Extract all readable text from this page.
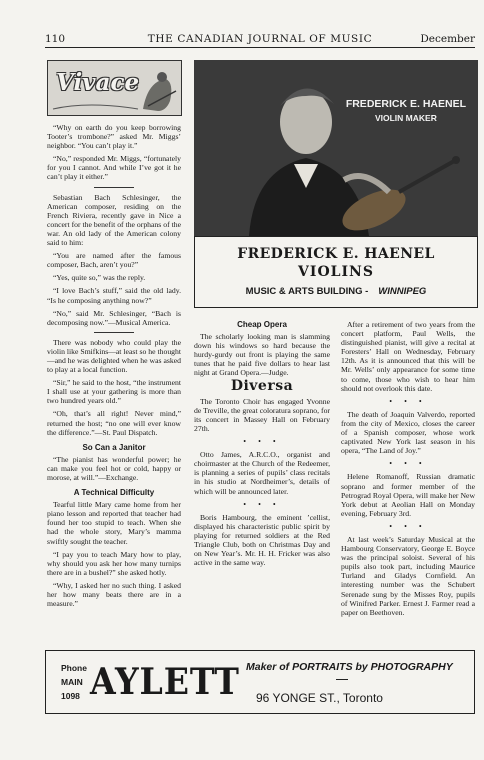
110	THE CANADIAN JOURNAL OF MUSIC	December
Vivace

“Why on earth do you keep borrowing Tooter’s trombone?” asked Mr. Miggs’ neighbor. “You can’t play it.”

“No,” responded Mr. Miggs, “fortunately for you I cannot. And while I’ve got it he can’t play it either.”

Sebastian Bach Schlesinger, the American composer, residing on the French Riviera, recently gave in Nice a concert for the benefit of the orphans of the war. An old lady of the American colony said to him:

“You are named after the famous composer, Bach, aren’t you?”

“Yes, quite so,” was the reply.

“I love Bach’s stuff,” said the old lady. “Is he composing anything now?”

“No,” said Mr. Schlesinger, “Bach is decomposing now.”—Musical America.

There was nobody who could play the violin like Smifkins—at least so he thought—and he was delighted when he was asked to play at a local function.

“Sir,” he said to the host, “the instrument I shall use at your gathering is more than two hundred years old.”

“Oh, that’s all right! Never mind,” returned the host; “no one will ever know the difference.”—St. Paul Dispatch.

So Can a Janitor

“The pianist has wonderful power; he can make you feel hot or cold, happy or morose, at will.”—Exchange.

A Technical Difficulty

Tearful little Mary came home from her piano lesson and reported that teacher had found her too stupid to teach. When she had the whole story, Mary’s mamma swiftly sought the teacher.

“I pay you to teach Mary how to play, why should you ask her how many turnips there are in a bushel?” she asked hotly.

“Why, I asked her no such thing. I asked her how many beats there are in a measure.”

FREDERICK E. HAENEL
VIOLIN MAKER
FREDERICK E. HAENEL
VIOLINS
MUSIC & ARTS BUILDING - WINNIPEG
Cheap Opera

The scholarly looking man is slamming down his windows so hard because the hurdy-gurdy out front is playing the same tunes that he paid five dollars to hear last night at Grand Opera.—Judge.

Diversa

The Toronto Choir has engaged Yvonne de Treville, the great coloratura soprano, for its concert in Massey Hall on February 27th.

• • •

Otto James, A.R.C.O., organist and choirmaster at the Church of the Redeemer, is planning a series of pupils’ class recitals in his studio at Nordheimer’s, details of which will be announced later.

• • •

Boris Hambourg, the eminent ’cellist, displayed his characteristic public spirit by playing for returned soldiers at the Red Triangle Club, both on Christmas Day and on New Year’s. Mr. H. H. Fricker was also active in the same way.

After a retirement of two years from the concert platform, Paul Wells, the distinguished pianist, will give a recital at Foresters’ Hall on Wednesday, February 12th. As it is announced that this will be Mr. Wells’ only appearance for some time to come, those who wish to hear him should not overlook this date.

• • •

The death of Joaquin Valverdo, reported from the city of Mexico, closes the career of a Spanish composer, whose work captivated New York last season in his opera, “The Land of Joy.”

• • •

Helene Romanoff, Russian dramatic soprano and former member of the Petrograd Royal Opera, will make her New York debut at Aeolian Hall on Monday evening, February 3rd.

• • •

At last week’s Saturday Musical at the Hambourg Conservatory, George E. Boyce was the principal soloist. Several of his pupils also took part, including Maurice Turland and Gladys Cornfield. An interesting number was the Schubert Serenade sung by the Misses Roy, pupils of Winifred Parker. Ernest J. Farmer read a paper on Beethoven.

Phone
MAIN
1098 AYLETT Maker of PORTRAITS by PHOTOGRAPHY
96 YONGE ST., Toronto
